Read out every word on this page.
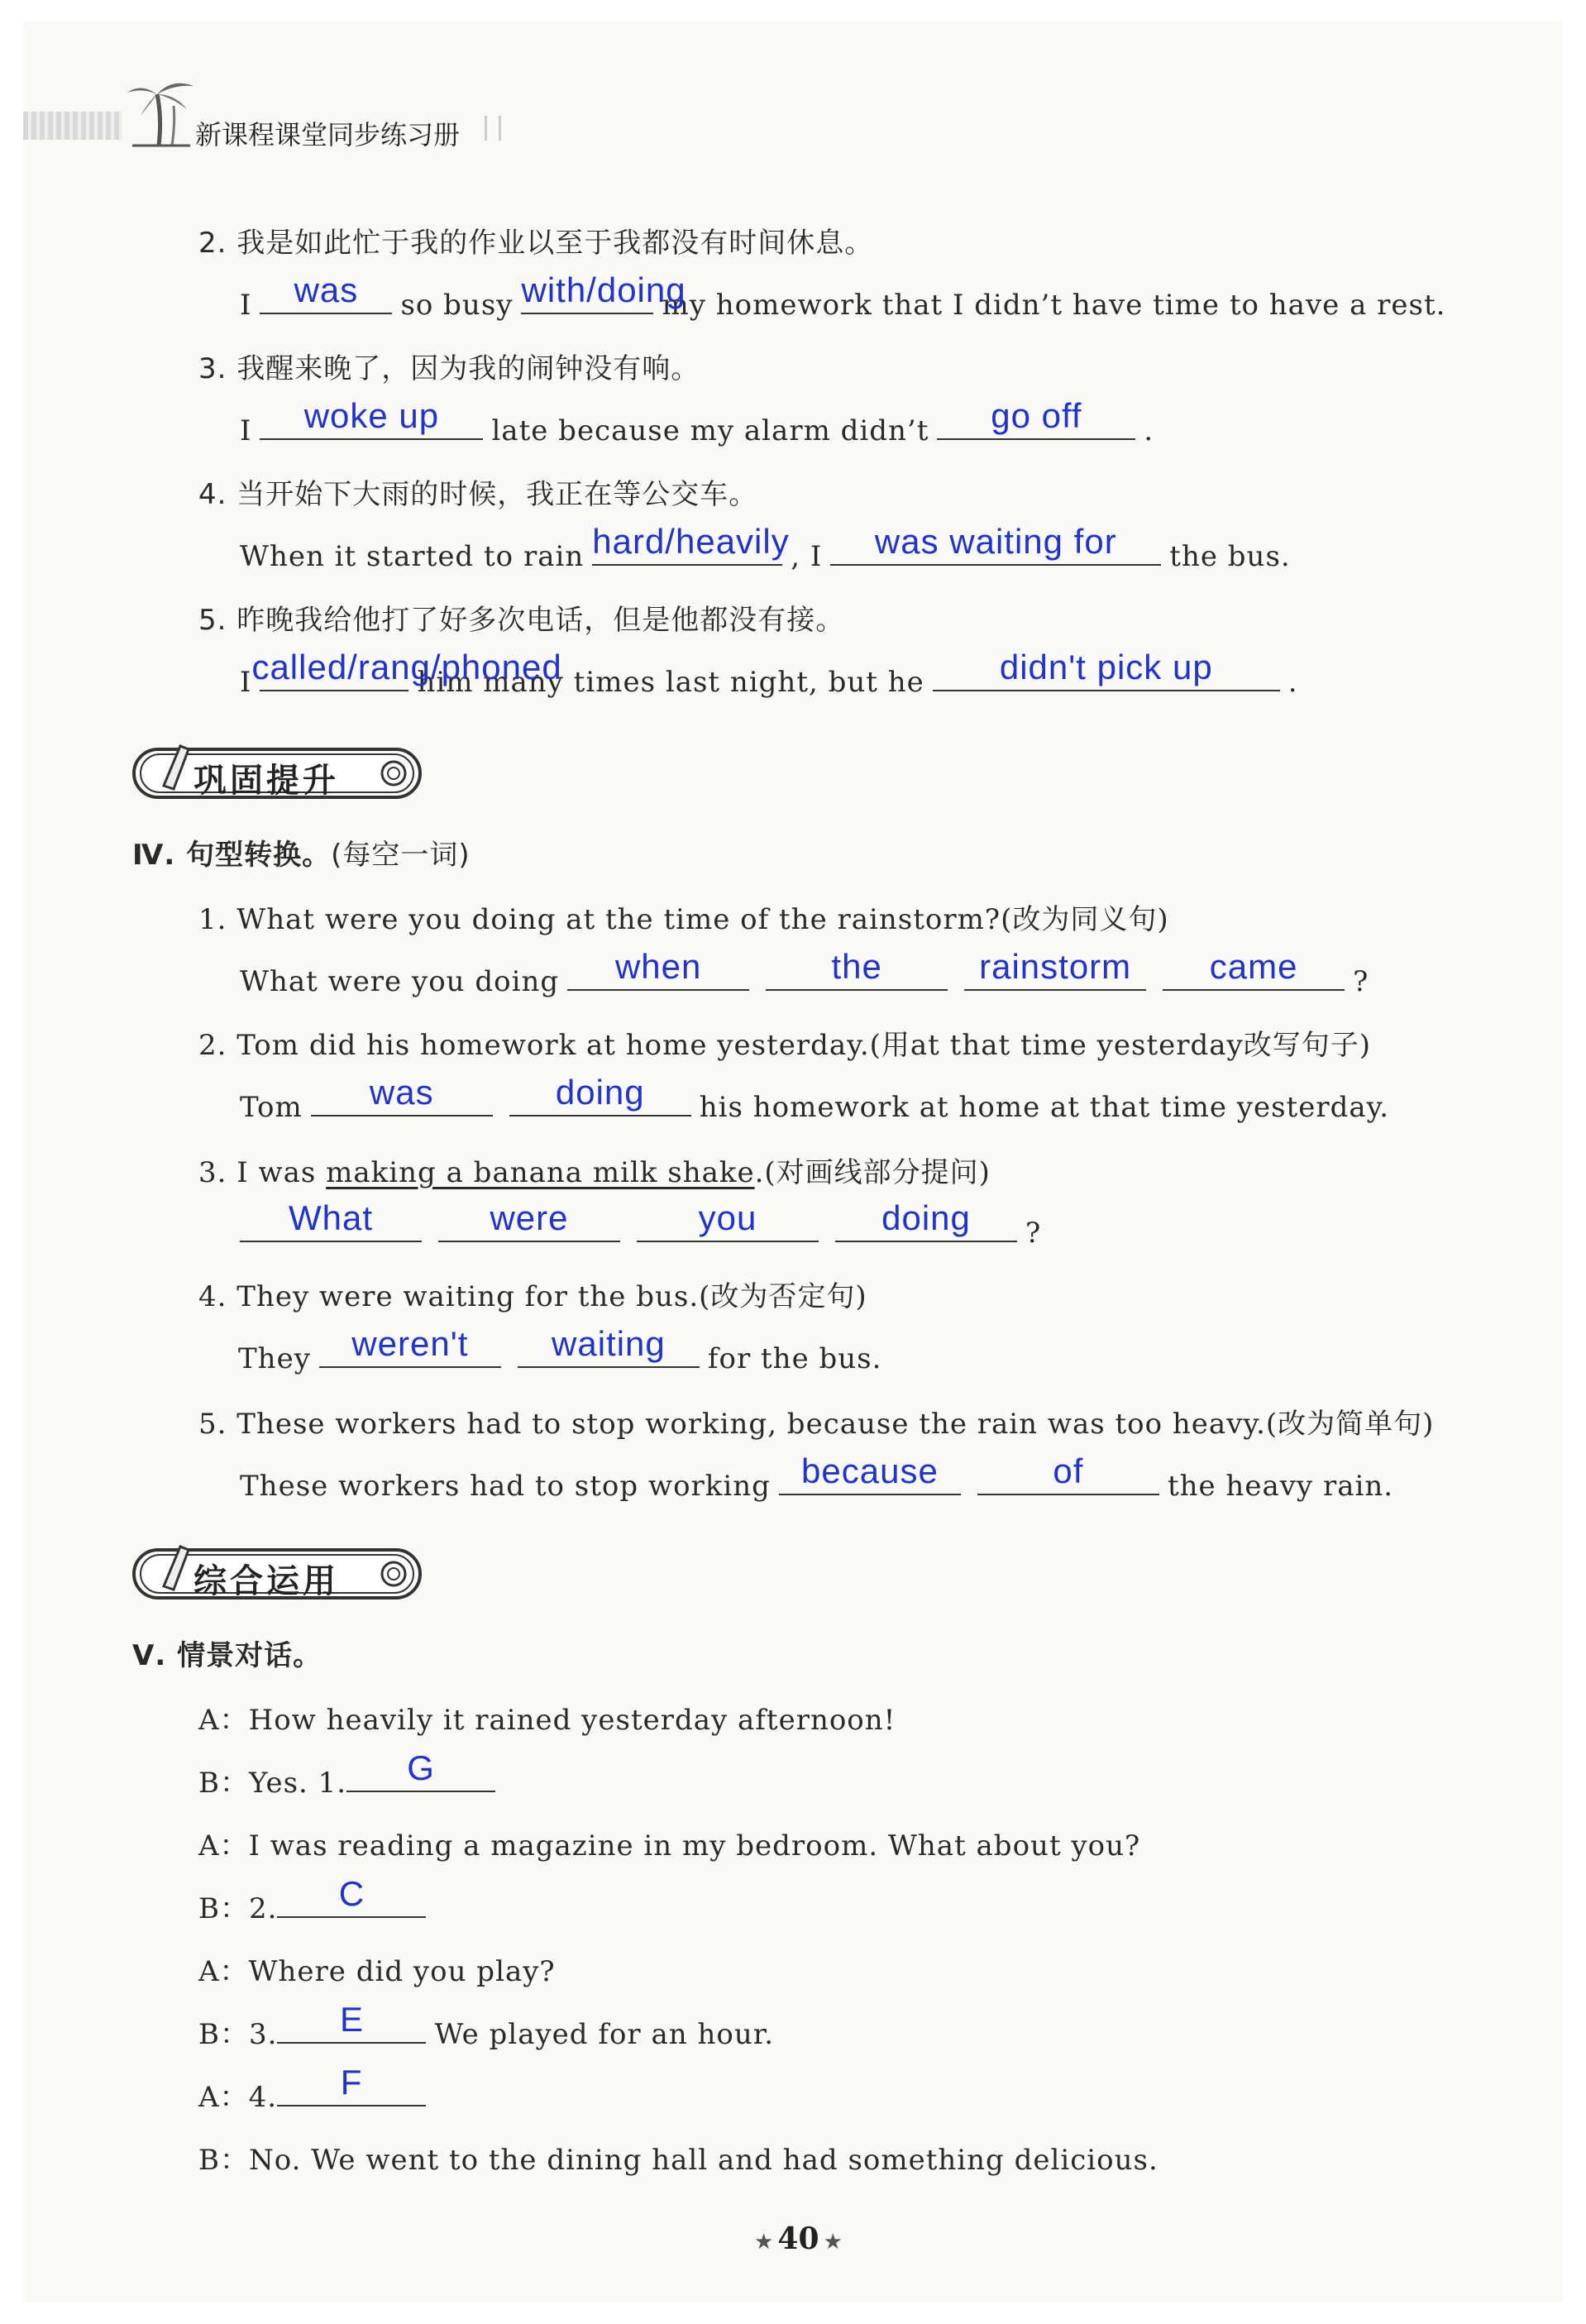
新课程课堂同步练习册
2. 我是如此忙于我的作业以至于我都没有时间休息。
I	was	so busy with/doing
my homework that I didn’t have time to have a rest.
3. 我醒来晚了，因为我的闹钟没有响。
I	woke up	late because my alarm didn’t	go off	.
4. 当开始下大雨的时候，我正在等公交车。
When it started to rain hard/heavily , I	was waiting for	the bus.
5. 昨晚我给他打了好多次电话，但是他都没有接。
I called/rang/phoned
him many times last night, but he	didn't pick up	.
巩固提升
Ⅳ. 句型转换。(每空一词)
1. What were you doing at the time of the rainstorm?(改为同义句)
What were you doing	when	the	rainstorm	came	?
2. Tom did his homework at home yesterday.(用at that time yesterday改写句子)
Tom	was	doing	his homework at home at that time yesterday.
3. I was making a banana milk shake.(对画线部分提问)
What	were	you	doing	?
4. They were waiting for the bus.(改为否定句)
They	weren't	waiting	for the bus.
5. These workers had to stop working, because the rain was too heavy.(改为简单句)
These workers had to stop working because	of	the heavy rain.
综合运用
Ⅴ. 情景对话。
A：How heavily it rained yesterday afternoon!
B：Yes. 1.	G
A：I was reading a magazine in my bedroom. What about you?
B：2.	C
A：Where did you play?
B：3.	E	We played for an hour.
A：4.	F
B：No. We went to the dining hall and had something delicious.
★ 40 ★
